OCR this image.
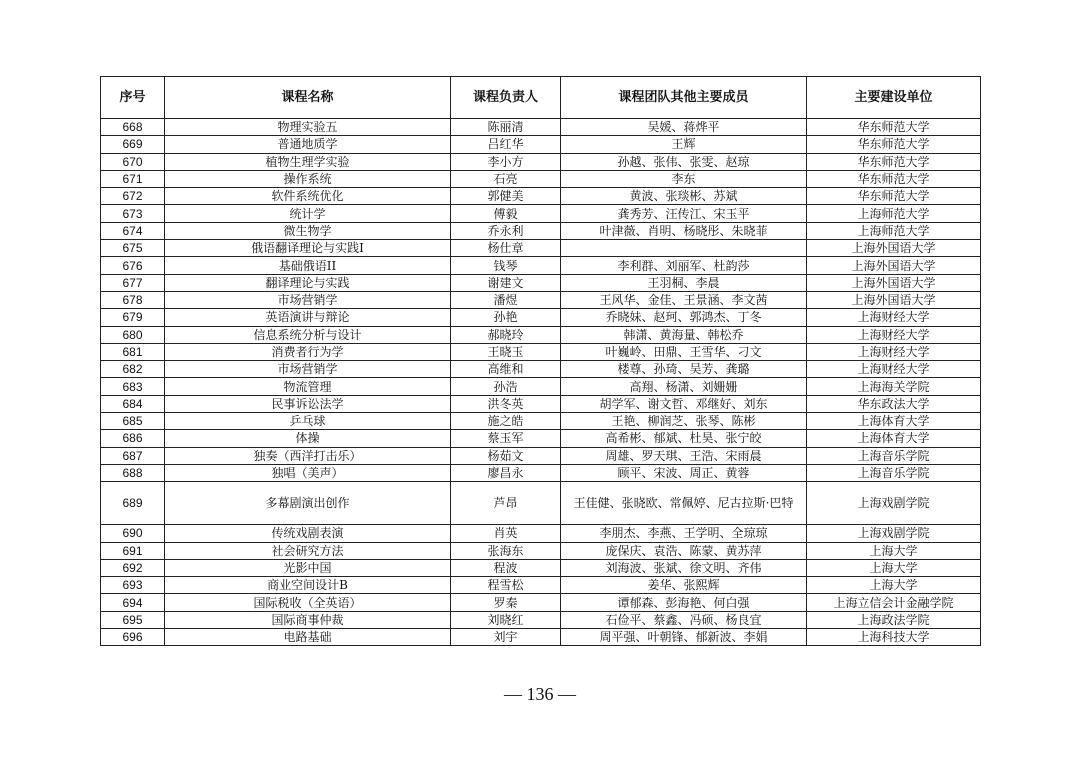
序号	课程名称	课程负责人	课程团队其他主要成员	主要建设单位
668	物理实验五	陈丽清	吴媛、蒋烨平	华东师范大学
669	普通地质学	吕红华	王辉	华东师范大学
670	植物生理学实验	李小方	孙越、张伟、张雯、赵琼	华东师范大学
671	操作系统	石亮	李东	华东师范大学
672	软件系统优化	郭健美	黄波、张琰彬、苏斌	华东师范大学
673	统计学	傅毅	龚秀芳、汪传江、宋玉平	上海师范大学
674	微生物学	乔永利	叶津薇、肖明、杨晓彤、朱晓菲	上海师范大学
675	俄语翻译理论与实践I	杨仕章		上海外国语大学
676	基础俄语II	钱琴	李利群、刘丽军、杜韵莎	上海外国语大学
677	翻译理论与实践	谢建文	王羽桐、李晨	上海外国语大学
678	市场营销学	潘煜	王风华、金佳、王景涵、李文茜	上海外国语大学
679	英语演讲与辩论	孙艳	乔晓妹、赵珂、郭鸿杰、丁冬	上海财经大学
680	信息系统分析与设计	郝晓玲	韩潇、黄海量、韩松乔	上海财经大学
681	消费者行为学	王晓玉	叶巍岭、田鼎、王雪华、刁文	上海财经大学
682	市场营销学	高维和	楼尊、孙琦、吴芳、龚璐	上海财经大学
683	物流管理	孙浩	高翔、杨潇、刘姗姗	上海海关学院
684	民事诉讼法学	洪冬英	胡学军、谢文哲、邓继好、刘东	华东政法大学
685	乒乓球	施之皓	王艳、柳润芝、张琴、陈彬	上海体育大学
686	体操	蔡玉军	高希彬、郁斌、杜昊、张宁皎	上海体育大学
687	独奏（西洋打击乐）	杨茹文	周雄、罗天琪、王浩、宋雨晨	上海音乐学院
688	独唱（美声）	廖昌永	顾平、宋波、周正、黄蓉	上海音乐学院
689	多幕剧演出创作	芦昂	王佳健、张晓欧、常佩婷、尼古拉斯·巴特	上海戏剧学院
690	传统戏剧表演	肖英	李朋杰、李燕、王学明、全琼琼	上海戏剧学院
691	社会研究方法	张海东	庞保庆、袁浩、陈蒙、黄苏萍	上海大学
692	光影中国	程波	刘海波、张斌、徐文明、齐伟	上海大学
693	商业空间设计B	程雪松	姜华、张熙辉	上海大学
694	国际税收（全英语）	罗秦	谭郁森、彭海艳、何白强	上海立信会计金融学院
695	国际商事仲裁	刘晓红	石俭平、蔡鑫、冯硕、杨良宜	上海政法学院
696	电路基础	刘宇	周平强、叶朝锋、郁新波、李娟	上海科技大学
— 136 —
